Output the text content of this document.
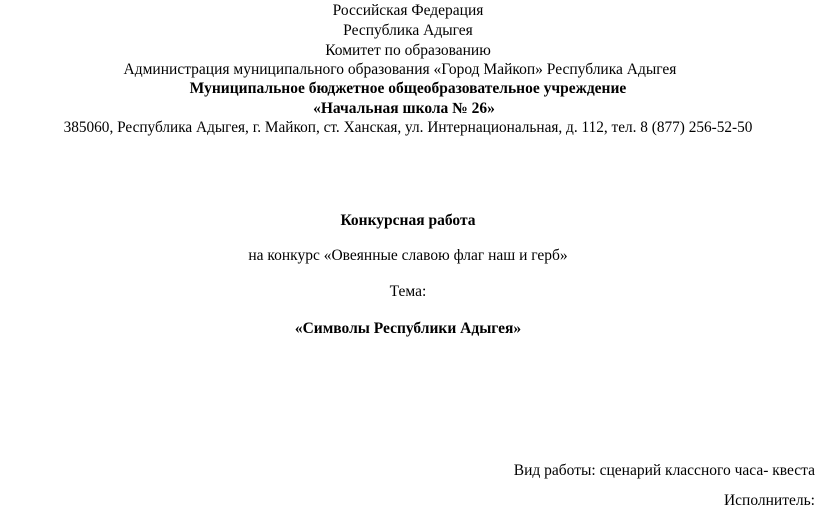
Российская Федерация
Республика Адыгея
Комитет по образованию
Администрация муниципального образования «Город Майкоп» Республика Адыгея
Муниципальное бюджетное общеобразовательное учреждение
«Начальная школа № 26»
385060, Республика Адыгея, г. Майкоп, ст. Ханская, ул. Интернациональная, д. 112, тел. 8 (877) 256-52-50
Конкурсная работа
на конкурс «Овеянные славою флаг наш и герб»
Тема:
«Символы Республики Адыгея»
Вид работы: сценарий классного часа- квеста
Исполнитель:
